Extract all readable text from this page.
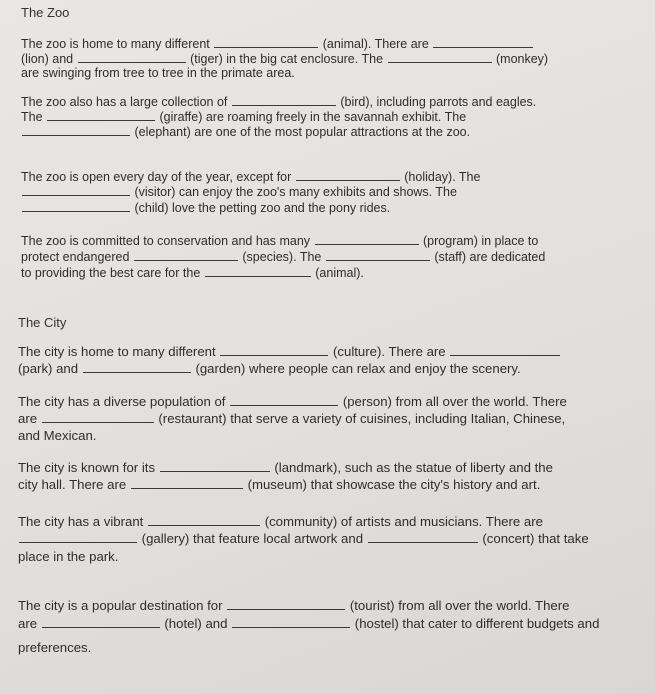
The Zoo
The zoo is home to many different	(animal). There are
(lion) and	(tiger) in the big cat enclosure. The	(monkey)
are swinging from tree to tree in the primate area.
The zoo also has a large collection of	(bird), including parrots and eagles.
The	(giraffe) are roaming freely in the savannah exhibit. The
(elephant) are one of the most popular attractions at the zoo.
The zoo is open every day of the year, except for	(holiday). The
(visitor) can enjoy the zoo's many exhibits and shows. The
(child) love the petting zoo and the pony rides.
The zoo is committed to conservation and has many	(program) in place to
protect endangered	(species). The	(staff) are dedicated
to providing the best care for the	(animal).
The City
The city is home to many different	(culture). There are
(park) and	(garden) where people can relax and enjoy the scenery.
The city has a diverse population of	(person) from all over the world. There
are	(restaurant) that serve a variety of cuisines, including Italian, Chinese,
and Mexican.
The city is known for its	(landmark), such as the statue of liberty and the
city hall. There are	(museum) that showcase the city's history and art.
The city has a vibrant	(community) of artists and musicians. There are
(gallery) that feature local artwork and	(concert) that take
place in the park.
The city is a popular destination for	(tourist) from all over the world. There
are	(hotel) and	(hostel) that cater to different budgets and
preferences.
